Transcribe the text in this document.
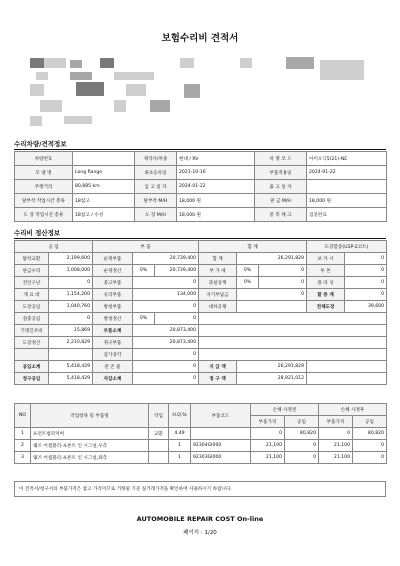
보험수리비 견적서
수리차량/견적정보
차량번호		제작사/차종	현대 / RV	차 명 코 드	아이오닉5(21)-NE
모 델 명	Long Range	최초등록일	2021-10-16	부품적용일	2024-01-22
주행거리	80,885 km	입 고 일 자	2024-01-22	출 고 일 자	
탈부착 작업시간 총류	18참고	탈부착 M/H	18,000 원	판 금 M/H	18,000 원
도 장 작업시간 총류	18참고 / 수성	도 장 M/H	18,000 원	중 복 체 크	검증완료
수리비 정산정보
공 임		부 품			합 계			도장할증(U3P-2코트)	
탈착교환	2,199,600	순정부품	20,739,400		합 계	26,291,829		보 카 시	0
판금수리	1,008,000	순정정산	0%	20,739,400	부 가 세	0%	0	투 톤	0
견인구난	0	중고부품	0		과실상계	0%	0	플 라 싱	0
재 료 대	1,154,200	유리부품	134,000		자기부담금	0		할 증 계	0
도장공임	1,040,760	방청부품	0		대차공제			전체도장	39,600
절충공임	0	방청정산	0%	0					
기명긴조비	15,869	부품소계	20,873,400						
도장정산	2,210,829	정구부품	20,873,400						
		감가상각	0						
공임소계	5,418,429	잔 존 물	0		지 급 액	26,291,829			
정구공임	5,418,429	자감소계	0		정 구 액	28,921,012			
NO	작업항목 및 부품명	작업	H.Q.%	부품코드	손해 사정전		손해 사정후	
					부품가격	공임	부품가격	공임
1	프런트범퍼커버	교환	4.49		0	80,820	0	80,820
2	웨즈 어셈블리-프론트 인 시그널,우측		1	92304GI000	21,100	0	21,100	0
3	웨즈 어셈블리-프론트 인 시그널,좌측		1	92303GI000	21,100	0	21,100	0
이 견적서/청구서의 부품가격은 참고 가격이므로 거래될 기준 실거래가격을 확인하여 사용하시기 바랍니다.
AUTOMOBILE REPAIR COST On-line
페이지 : 1/20
